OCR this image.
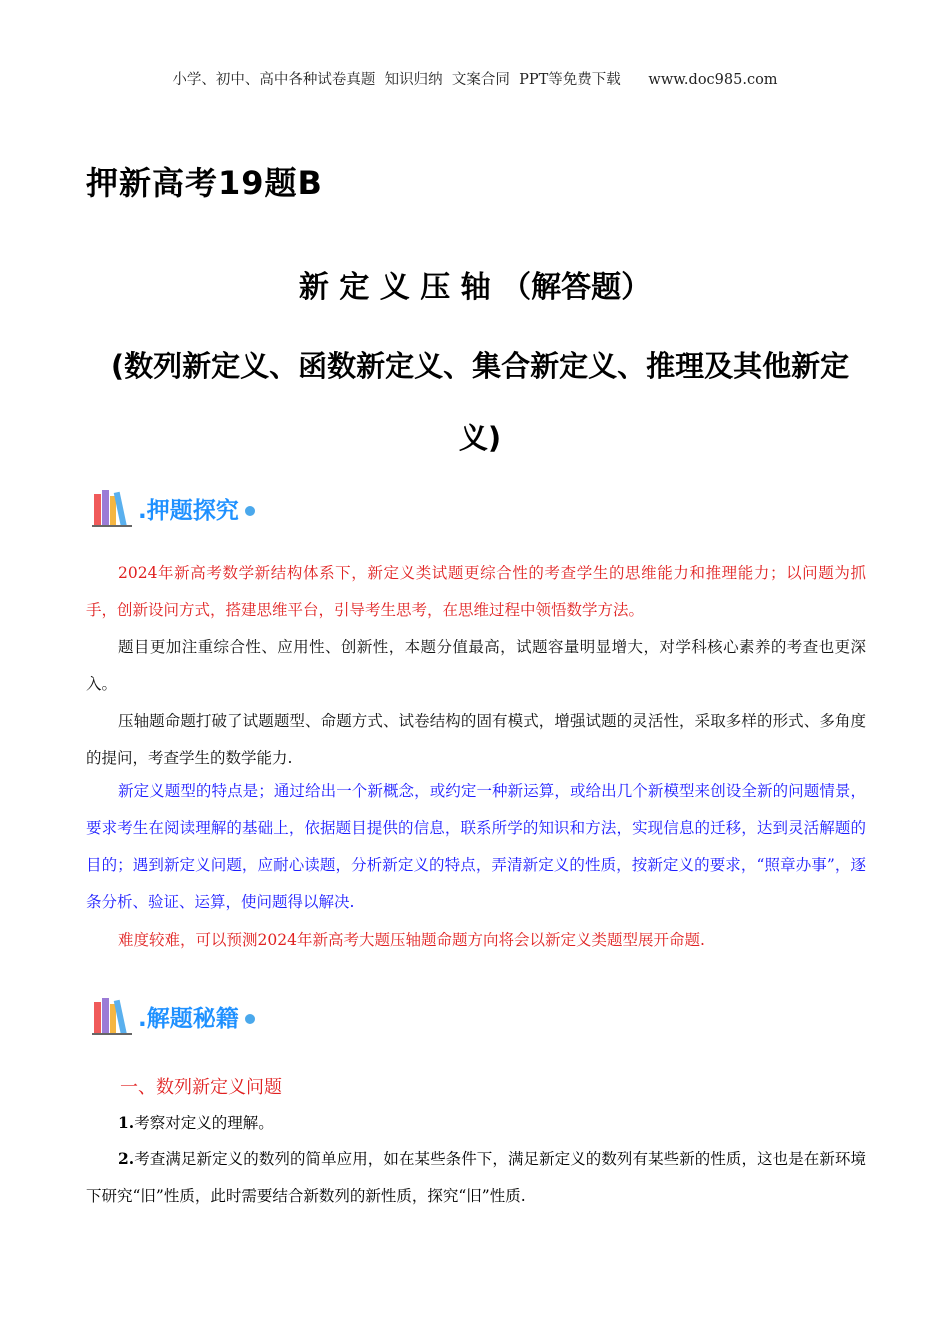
小学、初中、高中各种试卷真题  知识归纳  文案合同  PPT等免费下载      www.doc985.com
押新高考19题B
新 定 义 压 轴 （解答题）
(数列新定义、函数新定义、集合新定义、推理及其他新定义)
.押题探究
2024年新高考数学新结构体系下，新定义类试题更综合性的考查学生的思维能力和推理能力；以问题为抓手，创新设问方式，搭建思维平台，引导考生思考，在思维过程中领悟数学方法。
题目更加注重综合性、应用性、创新性，本题分值最高，试题容量明显增大，对学科核心素养的考查也更深入。
压轴题命题打破了试题题型、命题方式、试卷结构的固有模式，增强试题的灵活性，采取多样的形式、多角度的提问，考查学生的数学能力.
新定义题型的特点是；通过给出一个新概念，或约定一种新运算，或给出几个新模型来创设全新的问题情景，要求考生在阅读理解的基础上，依据题目提供的信息，联系所学的知识和方法，实现信息的迁移，达到灵活解题的目的；遇到新定义问题，应耐心读题，分析新定义的特点，弄清新定义的性质，按新定义的要求，“照章办事”，逐条分析、验证、运算，使问题得以解决.
难度较难，可以预测2024年新高考大题压轴题命题方向将会以新定义类题型展开命题.
.解题秘籍
一、数列新定义问题
1.考察对定义的理解。
2.考查满足新定义的数列的简单应用，如在某些条件下，满足新定义的数列有某些新的性质，这也是在新环境下研究“旧”性质，此时需要结合新数列的新性质，探究“旧”性质.
